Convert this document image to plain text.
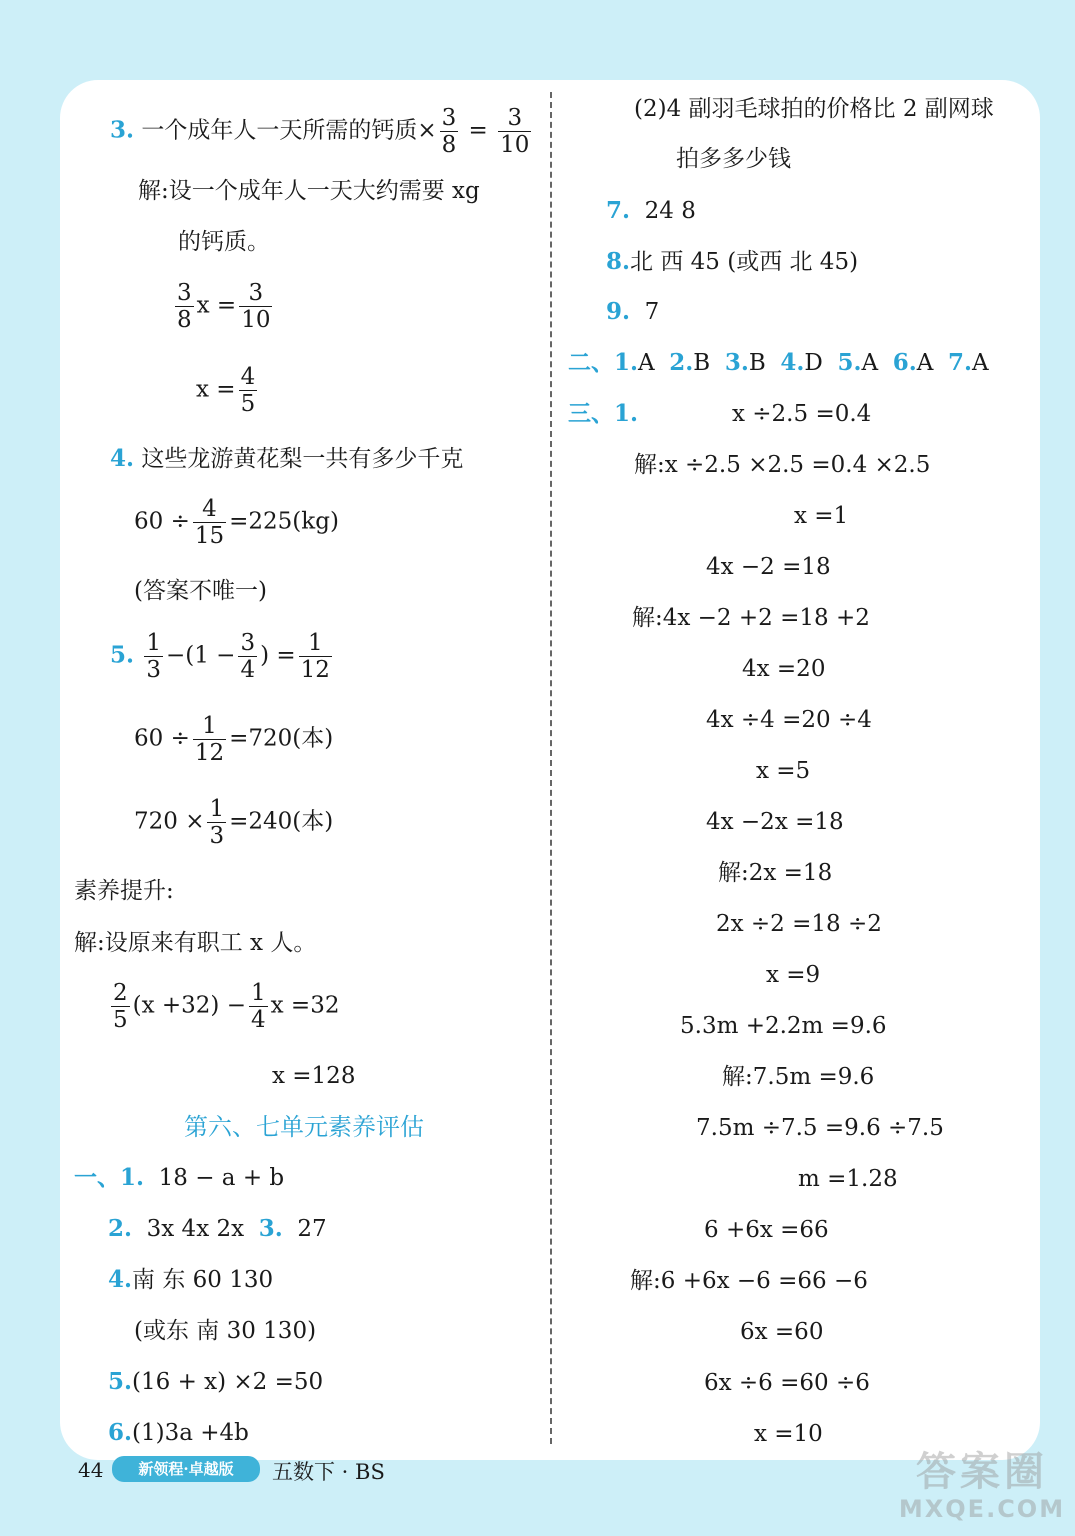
3. 一个成年人一天所需的钙质× $\frac{3}{8} = \frac{3}{10}$
解:设一个成年人一天大约需要 xg
的钙质。
$\frac{3}{8}$ $x = \frac{3}{10}$
$x = \frac{4}{5}$
4. 这些龙游黄花梨一共有多少千克
$60 \div \frac{4}{15} =225(kg)$
(答案不唯一)
5. $\frac{1}{3} -(1 - \frac{3}{4}$ ) = $\frac{1}{12}$
$60 \div \frac{1}{12} =720$(本)
$720 \times \frac{1}{3} =240$(本)
素养提升:
解:设原来有职工 x 人。
$\frac{2}{5} (x +32) - \frac{1}{4}$ x =32
x =128
第六、七单元素养评估
一、1. 18 − a + b
2. 3x 4x 2x 3. 27
4.南 东 60 130
(或东 南 30 130)
5.(16 + x) ×2 =50
6.(1)3a +4b
(2)4 副羽毛球拍的价格比 2 副网球
拍多多少钱
7. 24 8
8.北 西 45 (或西 北 45)
9. 7
二、1.A 2.B 3.B 4.D 5.A 6.A 7.A
三、1.	x ÷2.5 =0.4
解:x ÷2.5 ×2.5 =0.4 ×2.5
x =1
4x −2 =18
解:4x −2 +2 =18 +2
4x =20
4x ÷4 =20 ÷4
x =5
4x −2x =18
解:2x =18
2x ÷2 =18 ÷2
x =9
5.3m +2.2m =9.6
解:7.5m =9.6
7.5m ÷7.5 =9.6 ÷7.5
m =1.28
6 +6x =66
解:6 +6x −6 =66 −6
6x =60
6x ÷6 =60 ÷6
x =10
44	新领程·卓越版	五数下 · BS	答案圈
MXQE.COM
